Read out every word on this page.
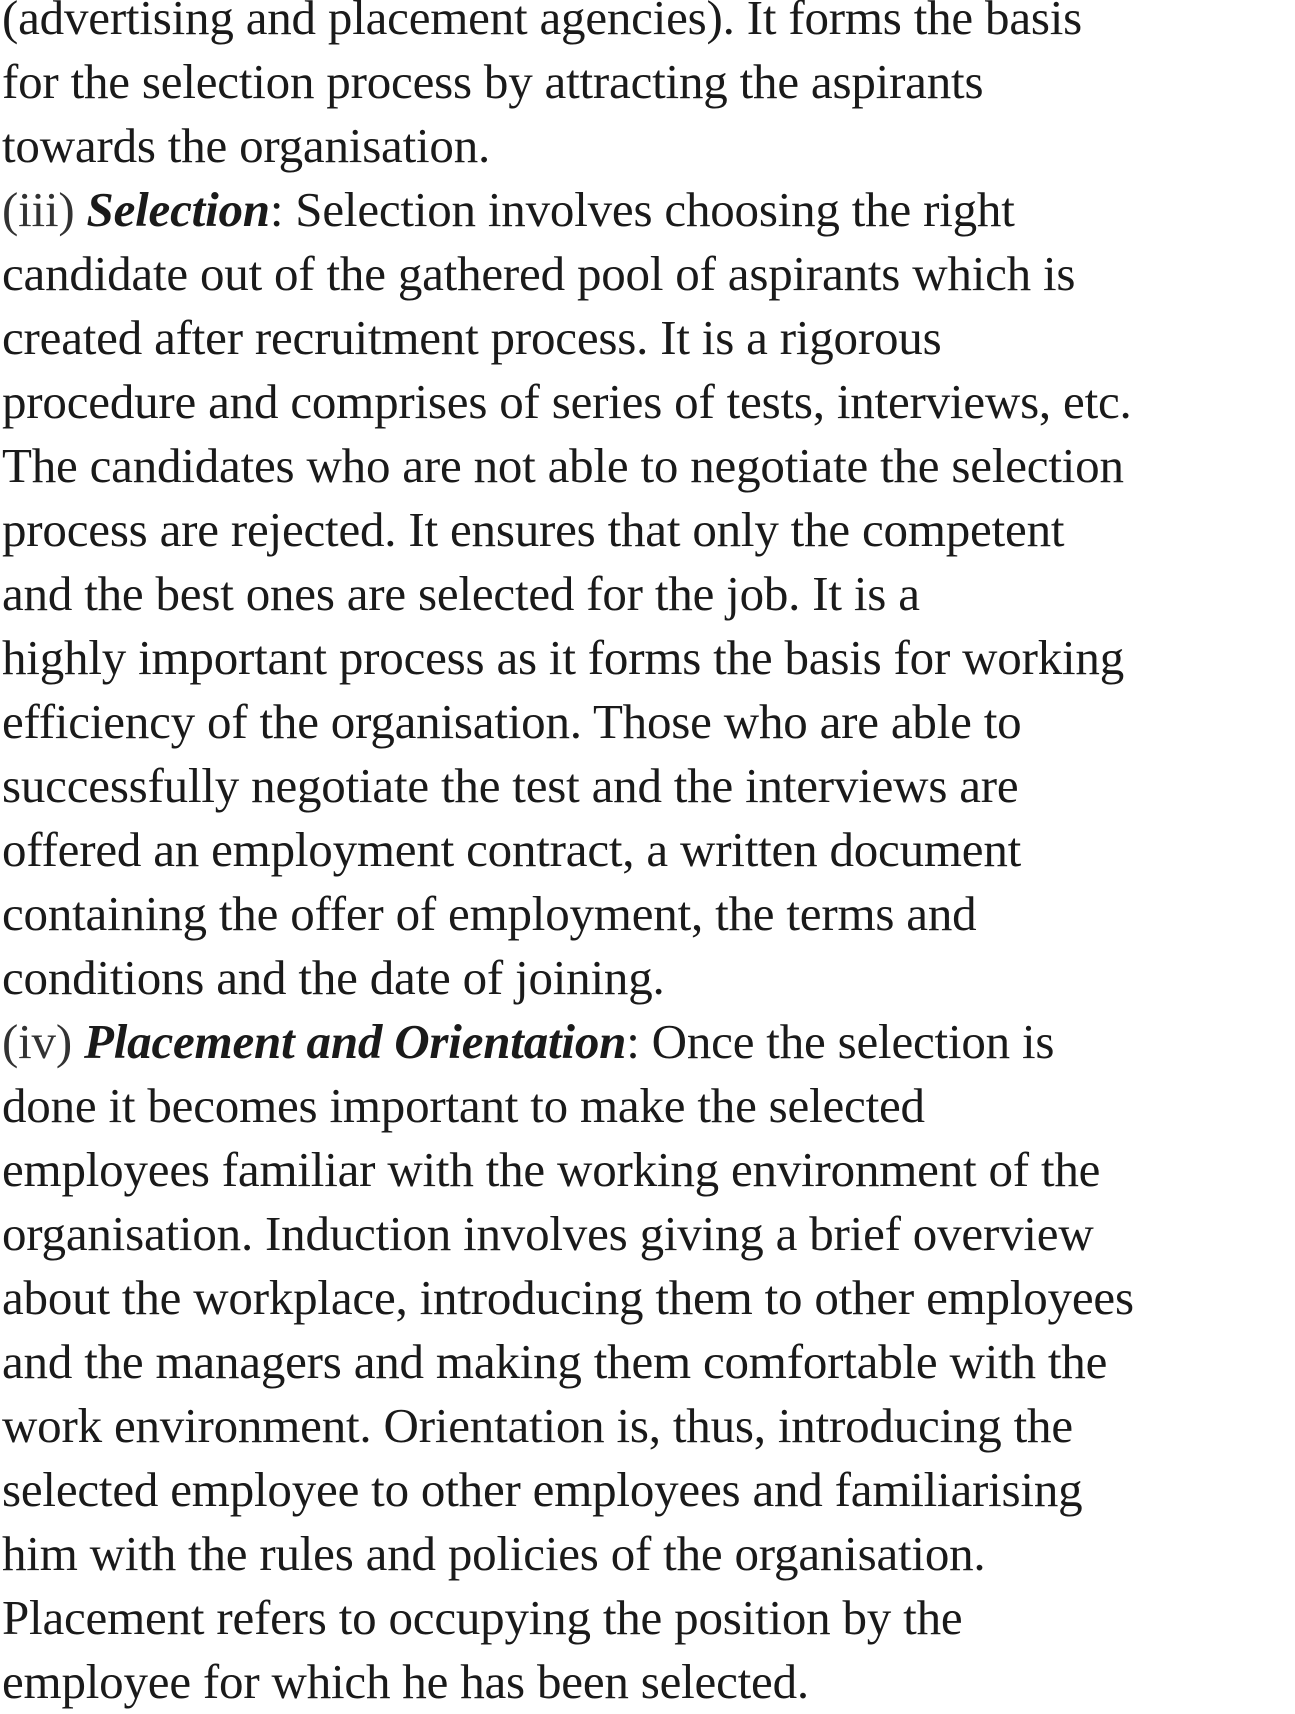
(advertising and placement agencies). It forms the basis
for the selection process by attracting the aspirants
towards the organisation.
(iii) Selection: Selection involves choosing the right
candidate out of the gathered pool of aspirants which is
created after recruitment process. It is a rigorous
procedure and comprises of series of tests, interviews, etc.
The candidates who are not able to negotiate the selection
process are rejected. It ensures that only the competent
and the best ones are selected for the job. It is a
highly important process as it forms the basis for working
efficiency of the organisation. Those who are able to
successfully negotiate the test and the interviews are
offered an employment contract, a written document
containing the offer of employment, the terms and
conditions and the date of joining.
(iv) Placement and Orientation: Once the selection is
done it becomes important to make the selected
employees familiar with the working environment of the
organisation. Induction involves giving a brief overview
about the workplace, introducing them to other employees
and the managers and making them comfortable with the
work environment. Orientation is, thus, introducing the
selected employee to other employees and familiarising
him with the rules and policies of the organisation.
Placement refers to occupying the position by the
employee for which he has been selected.
